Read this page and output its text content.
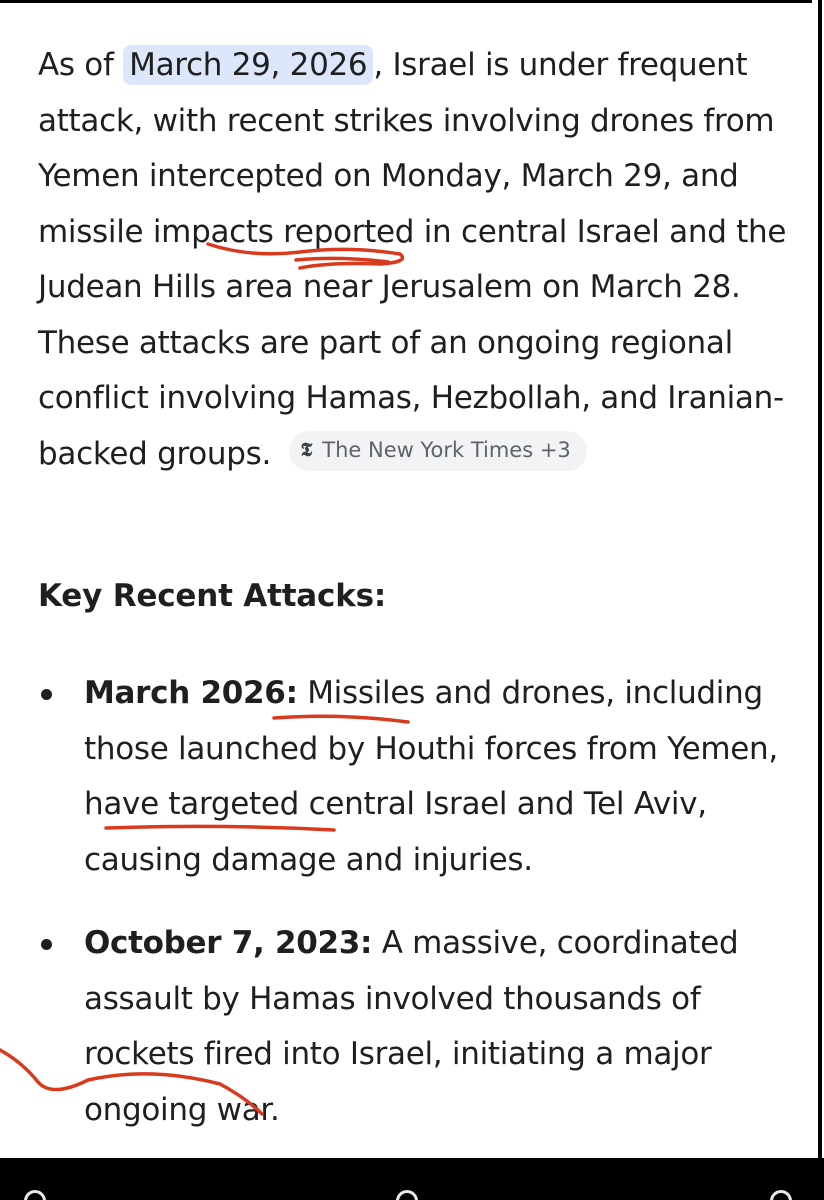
As of March 29, 2026 , Israel is under frequent attack, with recent strikes involving drones from Yemen intercepted on Monday, March 29, and missile impacts reported in central Israel and the Judean Hills area near Jerusalem on March 28. These attacks are part of an ongoing regional conflict involving Hamas, Hezbollah, and Iranian-backed groups. 𝕿 The New York Times +3

Key Recent Attacks:
March 2026: Missiles and drones, including those launched by Houthi forces from Yemen, have targeted central Israel and Tel Aviv, causing damage and injuries.
October 7, 2023: A massive, coordinated assault by Hamas involved thousands of rockets fired into Israel, initiating a major ongoing war.
